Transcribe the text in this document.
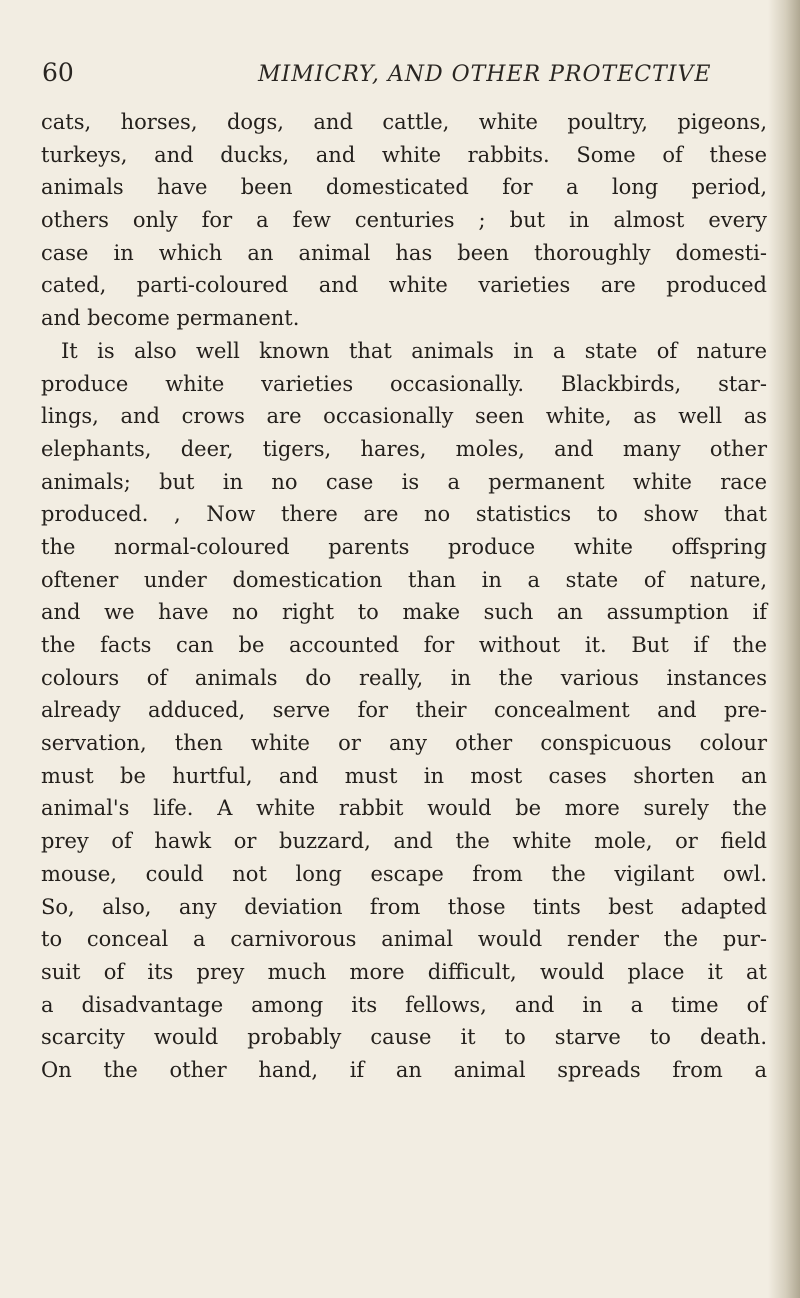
60	MIMICRY, AND OTHER PROTECTIVE

cats, horses, dogs, and cattle, white poultry, pigeons,
turkeys, and ducks, and white rabbits. Some of these
animals have been domesticated for a long period,
others only for a few centuries ; but in almost every
case in which an animal has been thoroughly domesti-
cated, parti-coloured and white varieties are produced
and become permanent.
It is also well known that animals in a state of nature
produce white varieties occasionally. Blackbirds, star-
lings, and crows are occasionally seen white, as well as
elephants, deer, tigers, hares, moles, and many other
animals; but in no case is a permanent white race
produced. , Now there are no statistics to show that
the normal-coloured parents produce white offspring
oftener under domestication than in a state of nature,
and we have no right to make such an assumption if
the facts can be accounted for without it. But if the
colours of animals do really, in the various instances
already adduced, serve for their concealment and pre-
servation, then white or any other conspicuous colour
must be hurtful, and must in most cases shorten an
animal's life. A white rabbit would be more surely the
prey of hawk or buzzard, and the white mole, or field
mouse, could not long escape from the vigilant owl.
So, also, any deviation from those tints best adapted
to conceal a carnivorous animal would render the pur-
suit of its prey much more difficult, would place it at
a disadvantage among its fellows, and in a time of
scarcity would probably cause it to starve to death.
On the other hand, if an animal spreads from a
